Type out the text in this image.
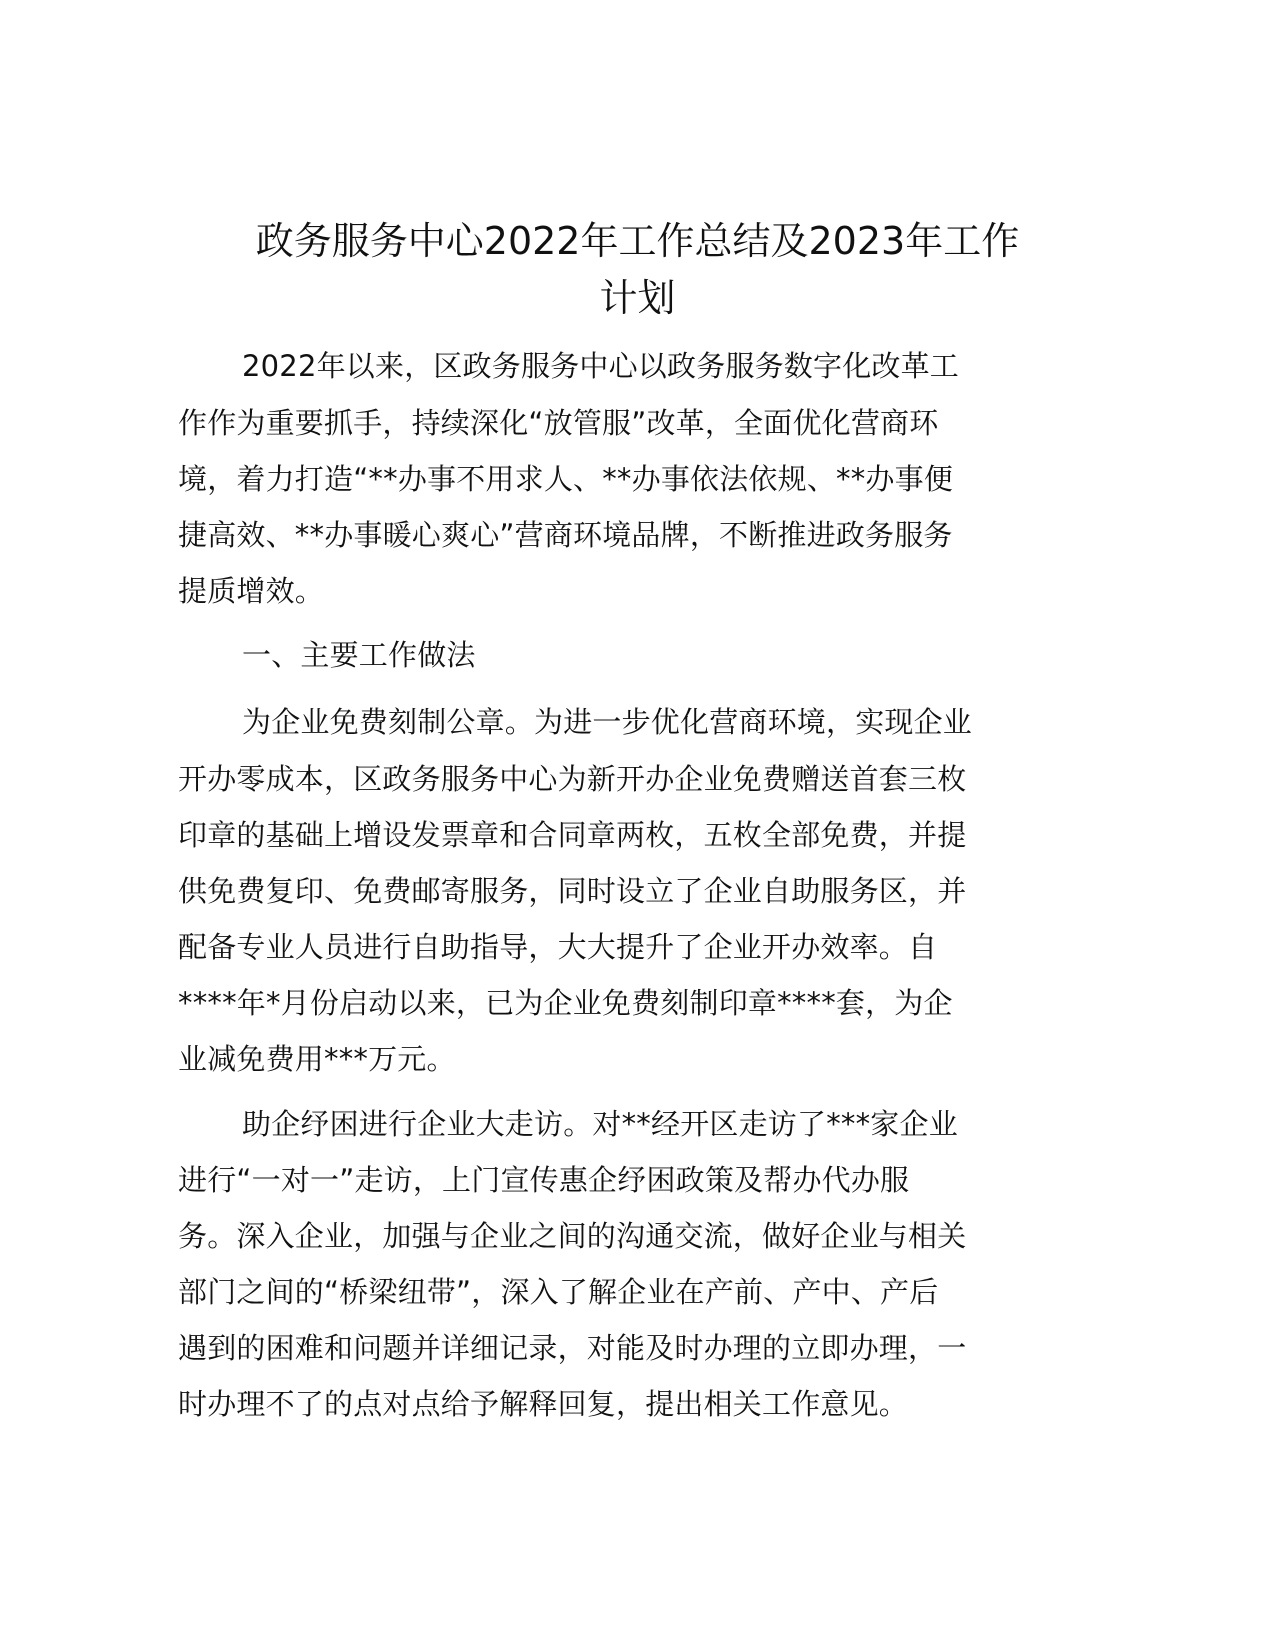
政务服务中心2022年工作总结及2023年工作
计划
2022年以来，区政务服务中心以政务服务数字化改革工
作作为重要抓手，持续深化“放管服”改革，全面优化营商环
境，着力打造“**办事不用求人、**办事依法依规、**办事便
捷高效、**办事暖心爽心”营商环境品牌，不断推进政务服务
提质增效。
一、主要工作做法
为企业免费刻制公章。为进一步优化营商环境，实现企业
开办零成本，区政务服务中心为新开办企业免费赠送首套三枚
印章的基础上增设发票章和合同章两枚，五枚全部免费，并提
供免费复印、免费邮寄服务，同时设立了企业自助服务区，并
配备专业人员进行自助指导，大大提升了企业开办效率。自
****年*月份启动以来，已为企业免费刻制印章****套，为企
业减免费用***万元。
助企纾困进行企业大走访。对**经开区走访了***家企业
进行“一对一”走访，上门宣传惠企纾困政策及帮办代办服
务。深入企业，加强与企业之间的沟通交流，做好企业与相关
部门之间的“桥梁纽带”，深入了解企业在产前、产中、产后
遇到的困难和问题并详细记录，对能及时办理的立即办理，一
时办理不了的点对点给予解释回复，提出相关工作意见。
